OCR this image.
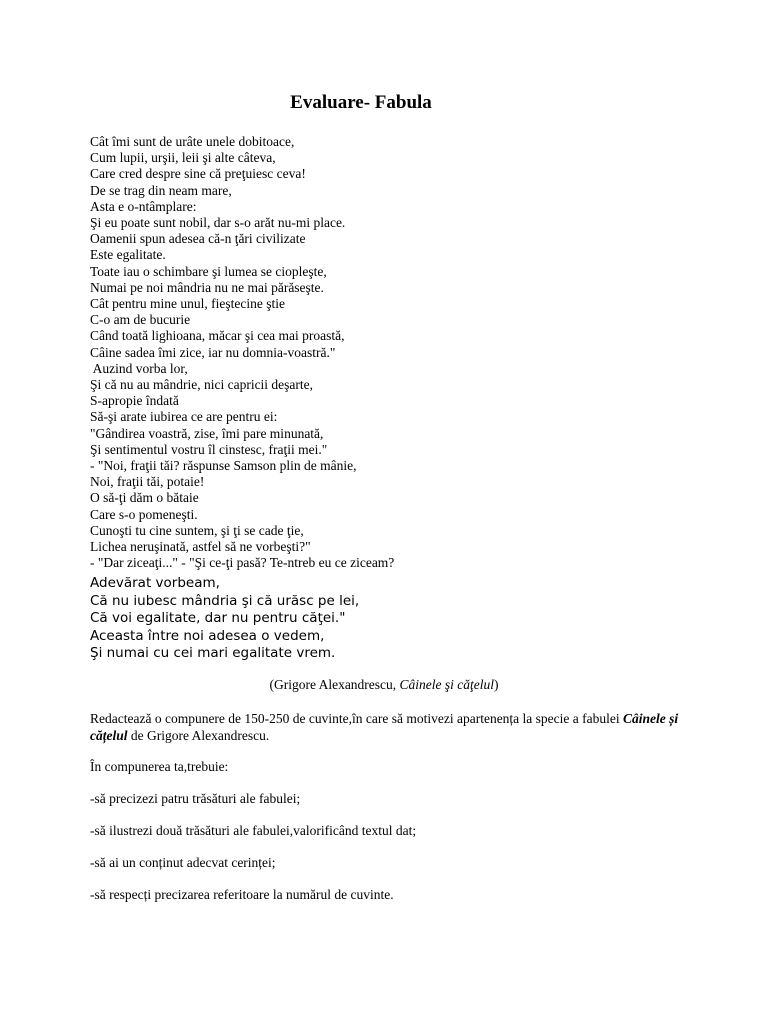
Evaluare- Fabula
Cât îmi sunt de urâte unele dobitoace,
Cum lupii, urşii, leii şi alte câteva,
Care cred despre sine că preţuiesc ceva!
De se trag din neam mare,
Asta e o-ntâmplare:
Şi eu poate sunt nobil, dar s-o arăt nu-mi place.
Oamenii spun adesea că-n ţări civilizate
Este egalitate.
Toate iau o schimbare şi lumea se ciopleşte,
Numai pe noi mândria nu ne mai părăseşte.
Cât pentru mine unul, fieştecine ştie
C-o am de bucurie
Când toată lighioana, măcar şi cea mai proastă,
Câine sadea îmi zice, iar nu domnia-voastră."
Auzind vorba lor,
Şi că nu au mândrie, nici capricii deşarte,
S-apropie îndată
Să-şi arate iubirea ce are pentru ei:
"Gândirea voastră, zise, îmi pare minunată,
Şi sentimentul vostru îl cinstesc, fraţii mei."
- "Noi, fraţii tăi? răspunse Samson plin de mânie,
Noi, fraţii tăi, potaie!
O să-ţi dăm o bătaie
Care s-o pomeneşti.
Cunoşti tu cine suntem, şi ţi se cade ţie,
Lichea neruşinată, astfel să ne vorbeşti?"
- "Dar ziceaţi..." - "Şi ce-ţi pasă? Te-ntreb eu ce ziceam?
Adevărat vorbeam,
Că nu iubesc mândria şi că urăsc pe lei,
Că voi egalitate, dar nu pentru căţei."
Aceasta între noi adesea o vedem,
Şi numai cu cei mari egalitate vrem.
(Grigore Alexandrescu, Câinele şi căţelul)
Redactează o compunere de 150-250 de cuvinte,în care să motivezi apartenența la specie a fabulei Câinele și cățelul de Grigore Alexandrescu.
În compunerea ta,trebuie:
-să precizezi patru trăsături ale fabulei;
-să ilustrezi două trăsături ale fabulei,valorificând textul dat;
-să ai un conținut adecvat cerinței;
-să respecți precizarea referitoare la numărul de cuvinte.
